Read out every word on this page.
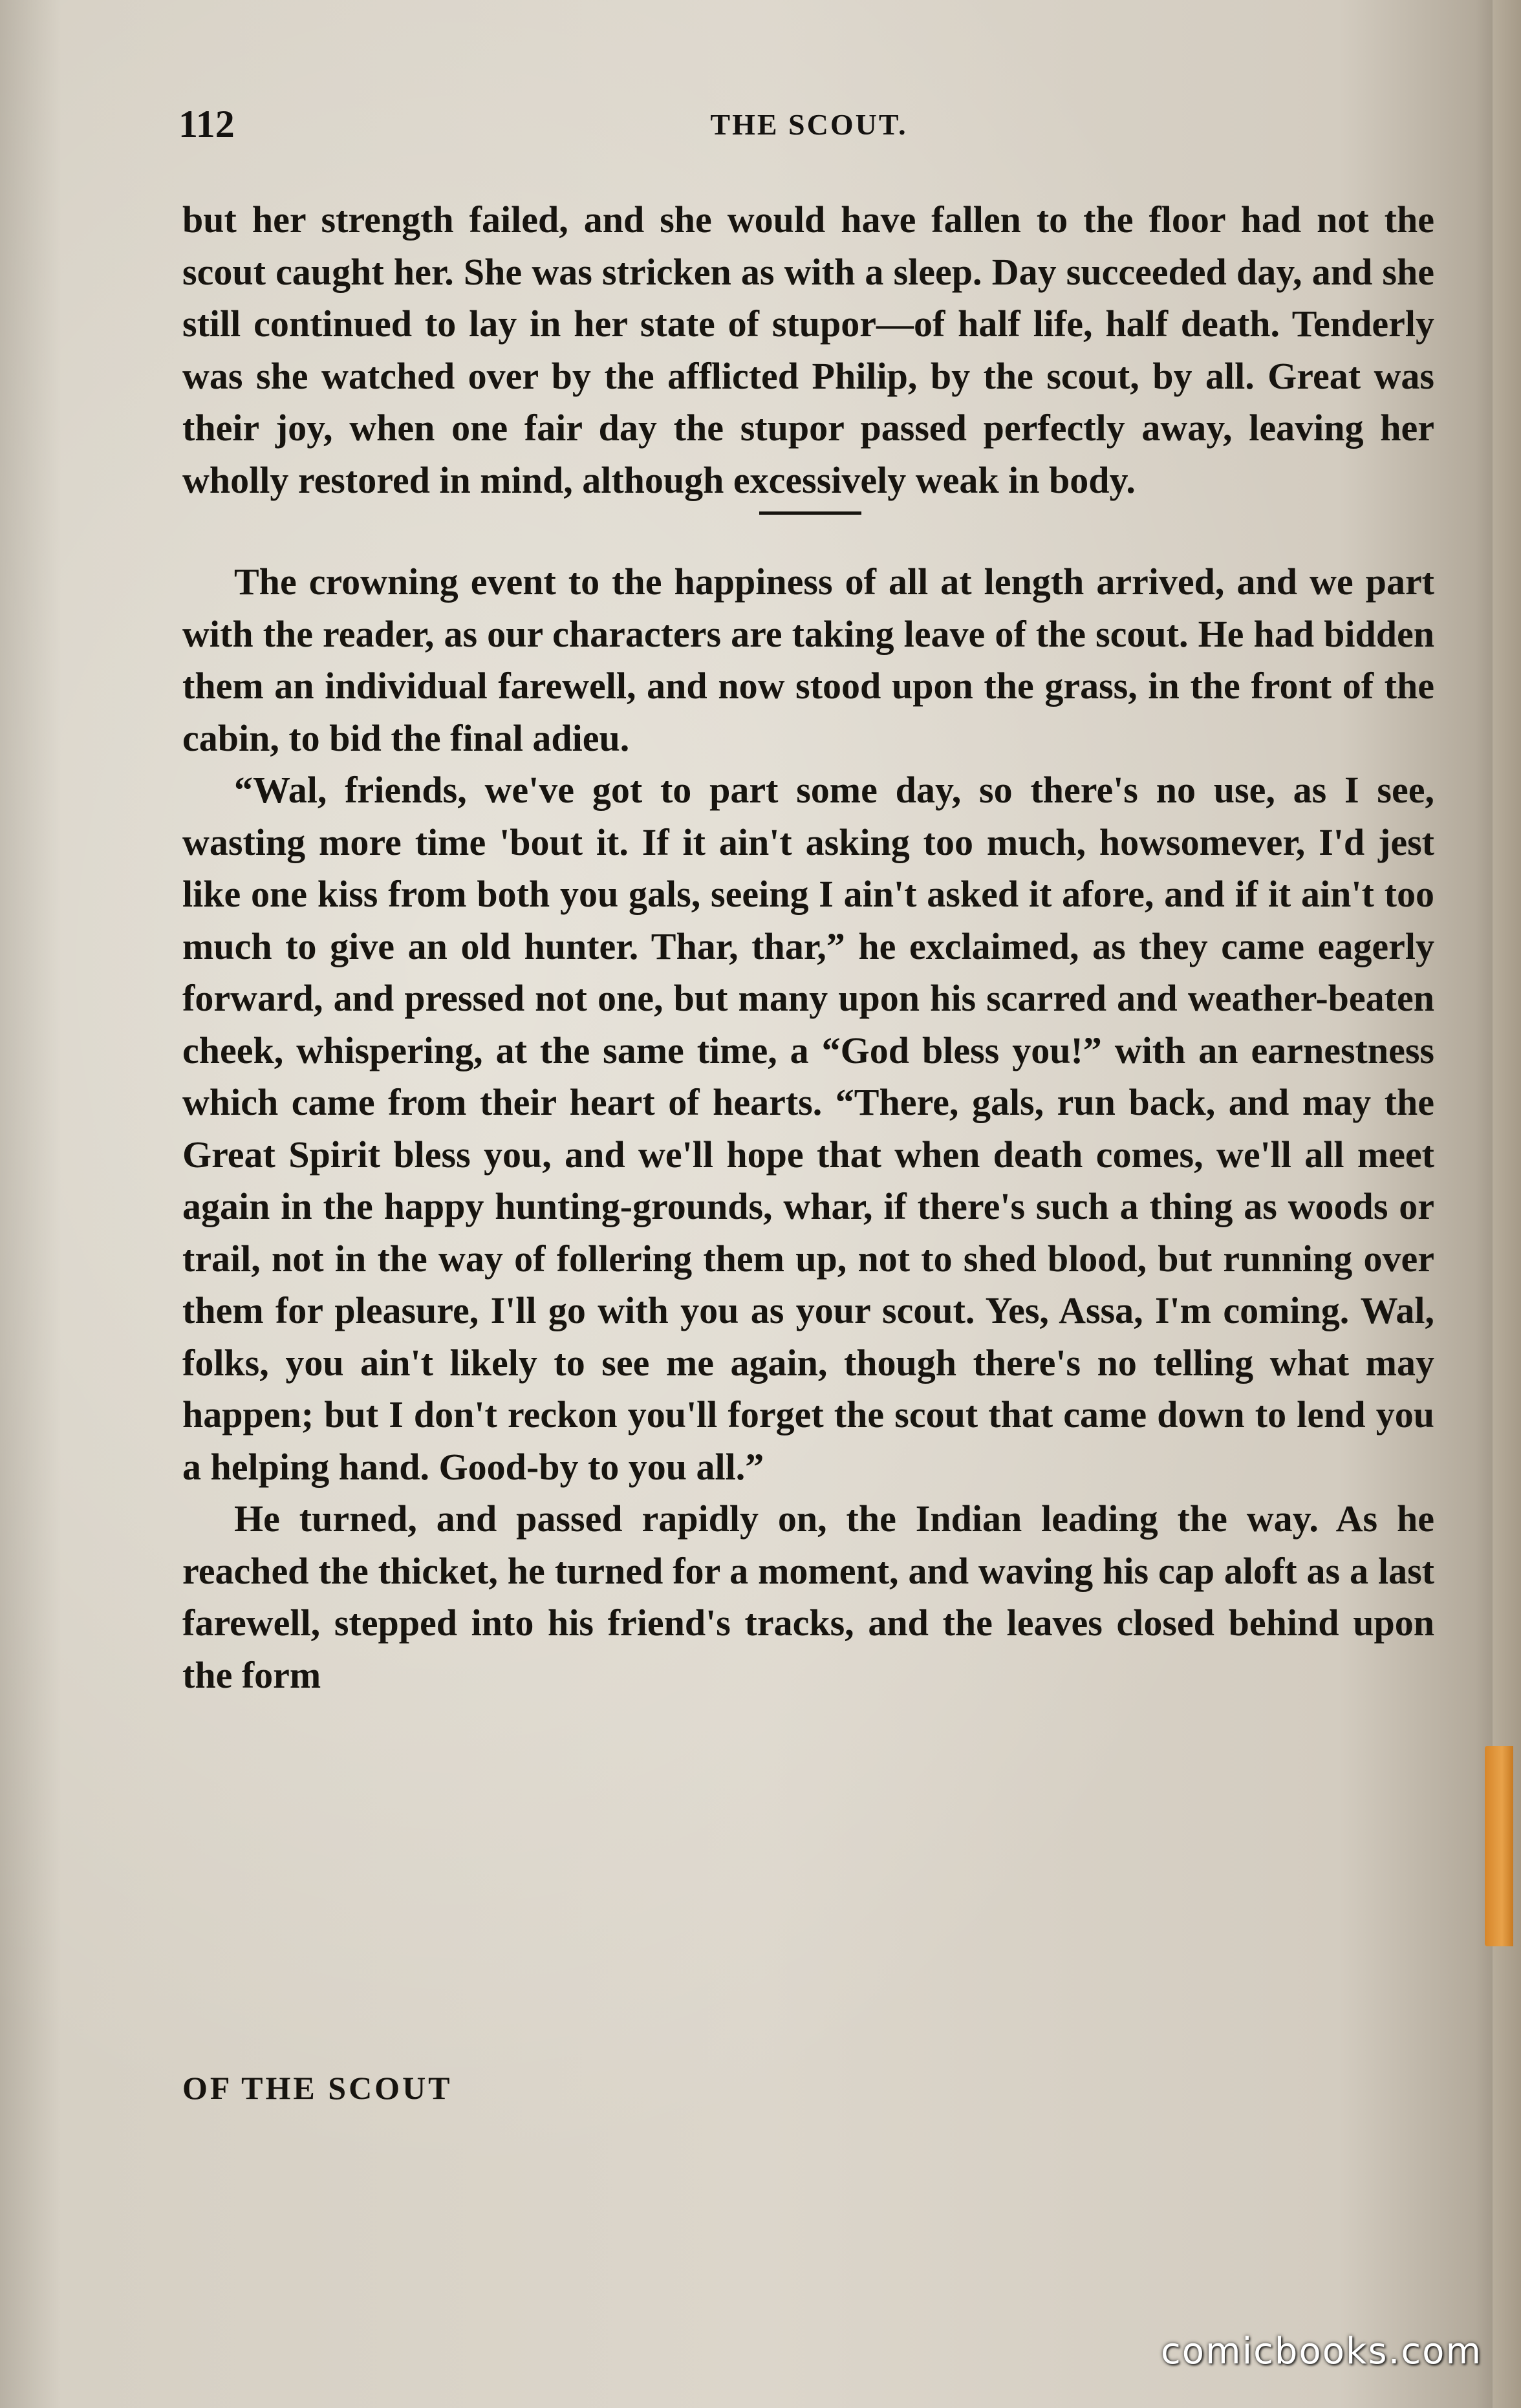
112	THE SCOUT.

but her strength failed, and she would have fallen to the floor had not the scout caught her. She was stricken as with a sleep. Day succeeded day, and she still continued to lay in her state of stupor—of half life, half death. Tenderly was she watched over by the afflicted Philip, by the scout, by all. Great was their joy, when one fair day the stupor passed perfectly away, leaving her wholly restored in mind, although excessively weak in body.

The crowning event to the happiness of all at length arrived, and we part with the reader, as our characters are taking leave of the scout. He had bidden them an individual farewell, and now stood upon the grass, in the front of the cabin, to bid the final adieu.

“Wal, friends, we've got to part some day, so there's no use, as I see, wasting more time 'bout it. If it ain't asking too much, howsomever, I'd jest like one kiss from both you gals, seeing I ain't asked it afore, and if it ain't too much to give an old hunter. Thar, thar,” he exclaimed, as they came eagerly forward, and pressed not one, but many upon his scarred and weather-beaten cheek, whispering, at the same time, a “God bless you!” with an earnestness which came from their heart of hearts. “There, gals, run back, and may the Great Spirit bless you, and we'll hope that when death comes, we'll all meet again in the happy hunting-grounds, whar, if there's such a thing as woods or trail, not in the way of follering them up, not to shed blood, but running over them for pleasure, I'll go with you as your scout. Yes, Assa, I'm coming. Wal, folks, you ain't likely to see me again, though there's no telling what may happen; but I don't reckon you'll forget the scout that came down to lend you a helping hand. Good-by to you all.”

He turned, and passed rapidly on, the Indian leading the way. As he reached the thicket, he turned for a moment, and waving his cap aloft as a last farewell, stepped into his friend's tracks, and the leaves closed behind upon the form

OF THE SCOUT
comicbooks.com
